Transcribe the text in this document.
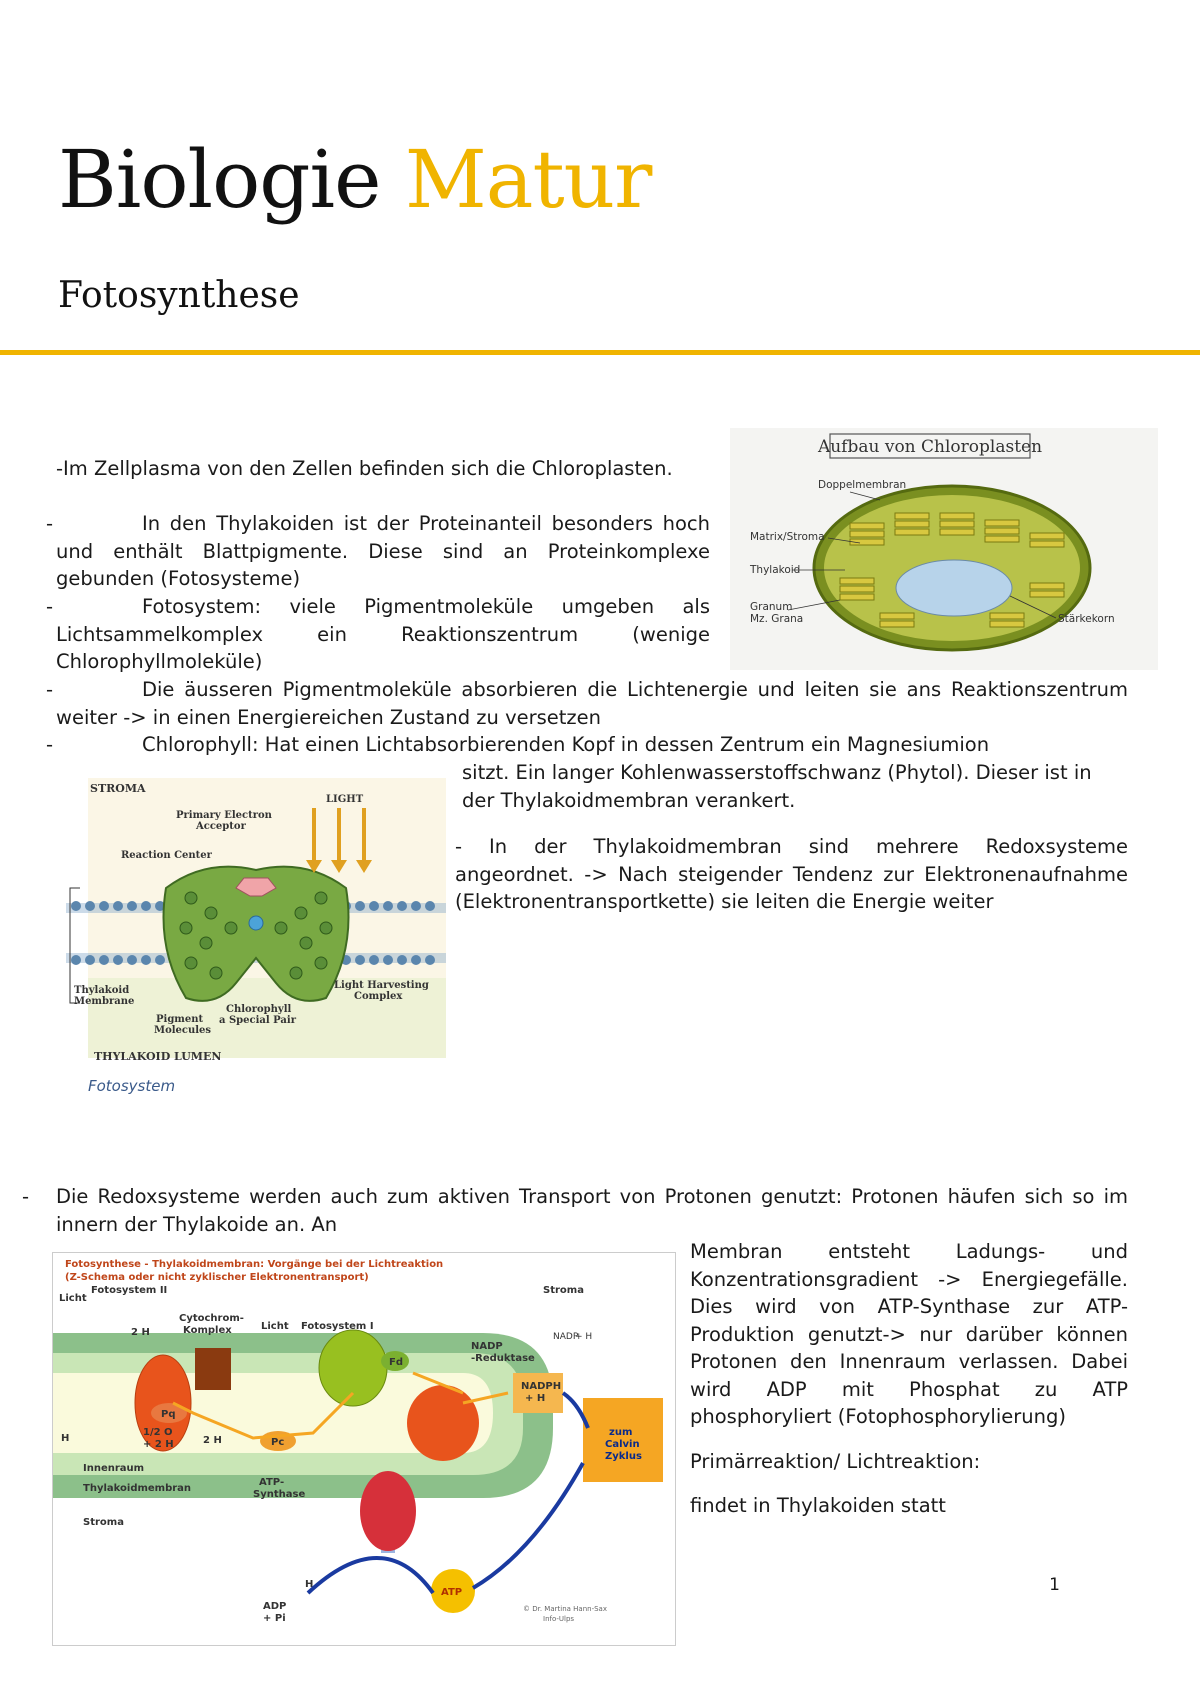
Biologie Matur
Fotosynthese
Aufbau von Chloroplasten
Doppelmembran
Matrix/Stroma
Thylakoid
Granum
Mz. Grana	Stärkekorn
-Im Zellplasma von den Zellen befinden sich die Chloroplasten.
-	In den Thylakoiden ist der Proteinanteil besonders hoch und enthält Blattpigmente. Diese sind an Proteinkomplexe gebunden (Fotosysteme)
-	Fotosystem: viele Pigmentmoleküle umgeben als Lichtsammelkomplex ein Reaktionszentrum (wenige Chlorophyllmoleküle)
-	Die äusseren Pigmentmoleküle absorbieren die Lichtenergie und leiten sie ans Reaktionszentrum weiter -> in einen Energiereichen Zustand zu versetzen
-	Chlorophyll: Hat einen Lichtabsorbierenden Kopf in dessen Zentrum ein Magnesiumion
sitzt. Ein langer Kohlenwasserstoffschwanz (Phytol). Dieser ist in der Thylakoidmembran verankert.
- In der Thylakoidmembran sind mehrere Redoxsysteme angeordnet. -> Nach steigender Tendenz zur Elektronenaufnahme (Elektronentransportkette) sie leiten die Energie weiter
STROMA
LIGHT
Primary Electron
Acceptor
Reaction Center
Thylakoid
Membrane
Pigment
Molecules
Chlorophyll
a Special Pair
Light Harvesting
Complex
THYLAKOID LUMEN
Fotosystem
- Die Redoxsysteme werden auch zum aktiven Transport von Protonen genutzt: Protonen häufen sich so im innern der Thylakoide an. An
Membran entsteht Ladungs- und Konzentrationsgradient -> Energiegefälle. Dies wird von ATP-Synthase zur ATP-Produktion genutzt-> nur darüber können Protonen den Innenraum verlassen. Dabei wird ADP mit Phosphat zu ATP phosphoryliert (Fotophosphorylierung)
Primärreaktion/ Lichtreaktion:
findet in Thylakoiden statt
Fotosynthese - Thylakoidmembran: Vorgänge bei der Lichtreaktion
(Z-Schema oder nicht zyklischer Elektronentransport)
Licht
Fotosystem II	Stroma
2 H
Cytochrom-
Komplex	Licht Fotosystem I
NADP
NADP
-Reduktase
+ H
Fd
Pq
Pc
H
1/2 O
+ 2 H	2 H
NADPH
+ H
Innenraum
Thylakoidmembran
Stroma
ATP-
Synthase
zum
Calvin
Zyklus
ADP
+ Pi
H
ATP
© Dr. Martina Hann-Sax
Info-Ulps
1
